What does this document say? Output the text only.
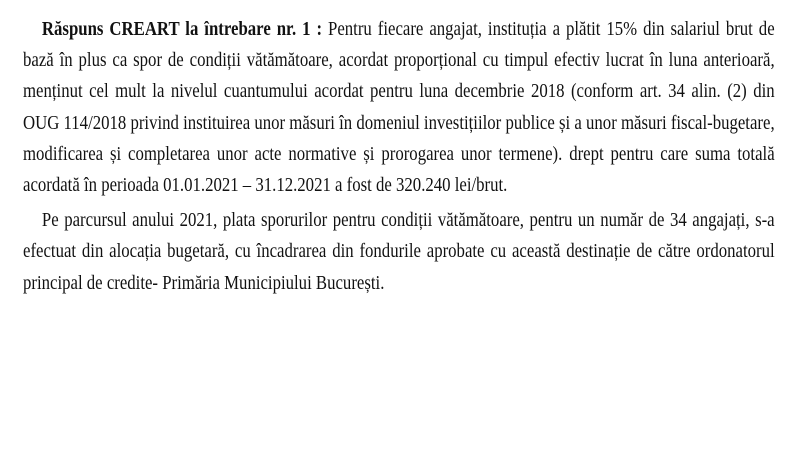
Răspuns CREART la întrebare nr. 1 : Pentru fiecare angajat, instituția a plătit 15% din salariul brut de bază în plus ca spor de condiții vătămătoare, acordat proporțional cu timpul efectiv lucrat în luna anterioară, menținut cel mult la nivelul cuantumului acordat pentru luna decembrie 2018 (conform art. 34 alin. (2) din OUG 114/2018 privind instituirea unor măsuri în domeniul investițiilor publice și a unor măsuri fiscal-bugetare, modificarea și completarea unor acte normative și prorogarea unor termene). drept pentru care suma totală acordată în perioada 01.01.2021 – 31.12.2021 a fost de 320.240 lei/brut.

Pe parcursul anului 2021, plata sporurilor pentru condiții vătămătoare, pentru un număr de 34 angajați, s-a efectuat din alocația bugetară, cu încadrarea din fondurile aprobate cu această destinație de către ordonatorul principal de credite- Primăria Municipiului București.
